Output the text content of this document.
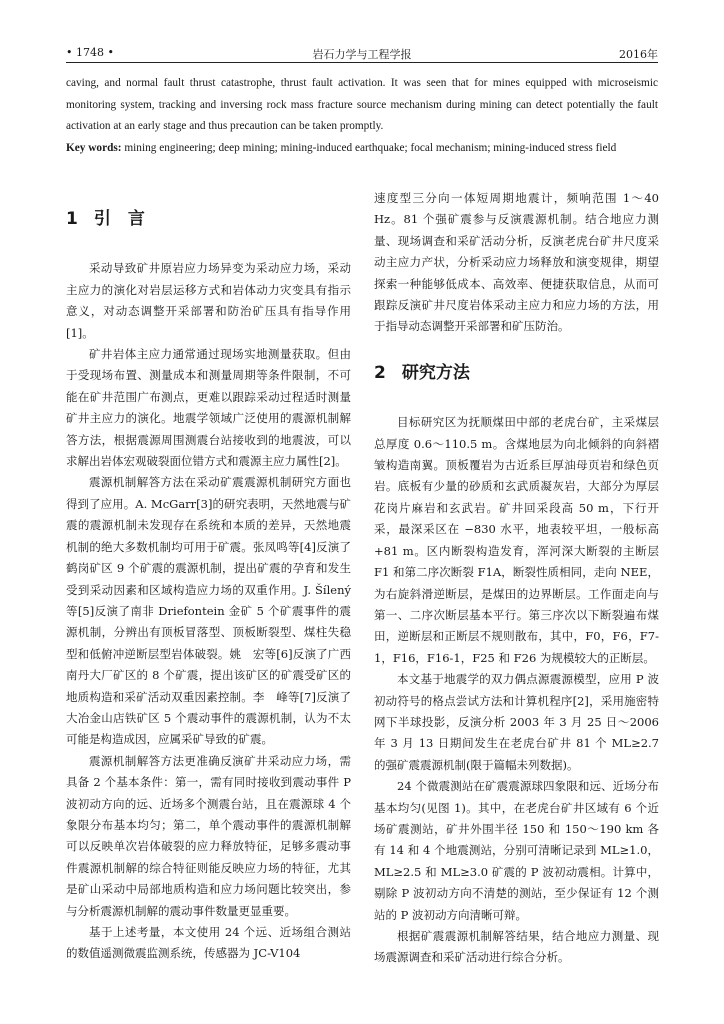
• 1748 •	岩石力学与工程学报	2016年

caving, and normal fault thrust catastrophe, thrust fault activation. It was seen that for mines equipped with microseismic monitoring system, tracking and inversing rock mass fracture source mechanism during mining can detect potentially the fault activation at an early stage and thus precaution can be taken promptly.

Key words: mining engineering; deep mining; mining-induced earthquake; focal mechanism; mining-induced stress field

1 引　言

采动导致矿井原岩应力场异变为采动应力场，采动主应力的演化对岩层运移方式和岩体动力灾变具有指示意义，对动态调整开采部署和防治矿压具有指导作用[1]。

矿井岩体主应力通常通过现场实地测量获取。但由于受现场布置、测量成本和测量周期等条件限制，不可能在矿井范围广布测点，更难以跟踪采动过程适时测量矿井主应力的演化。地震学领域广泛使用的震源机制解答方法，根据震源周围测震台站接收到的地震波，可以求解出岩体宏观破裂面位错方式和震源主应力属性[2]。

震源机制解答方法在采动矿震震源机制研究方面也得到了应用。A. McGarr[3]的研究表明，天然地震与矿震的震源机制未发现存在系统和本质的差异，天然地震机制的绝大多数机制均可用于矿震。张凤鸣等[4]反演了鹤岗矿区 9 个矿震的震源机制，提出矿震的孕育和发生受到采动因素和区域构造应力场的双重作用。J. Šílený 等[5]反演了南非 Driefontein 金矿 5 个矿震事件的震源机制，分辨出有顶板冒落型、顶板断裂型、煤柱失稳型和低俯冲逆断层型岩体破裂。姚　宏等[6]反演了广西南丹大厂矿区的 8 个矿震，提出该矿区的矿震受矿区的地质构造和采矿活动双重因素控制。李　峰等[7]反演了大冶金山店铁矿区 5 个震动事件的震源机制，认为不太可能是构造成因，应属采矿导致的矿震。

震源机制解答方法更准确反演矿井采动应力场，需具备 2 个基本条件：第一，需有同时接收到震动事件 P 波初动方向的远、近场多个测震台站，且在震源球 4 个象限分布基本均匀；第二，单个震动事件的震源机制解可以反映单次岩体破裂的应力释放特征，足够多震动事件震源机制解的综合特征则能反映应力场的特征，尤其是矿山采动中局部地质构造和应力场问题比较突出，参与分析震源机制解的震动事件数量更显重要。

基于上述考量，本文使用 24 个远、近场组合测站的数值遥测微震监测系统，传感器为 JC-V104

速度型三分向一体短周期地震计，频响范围 1～40 Hz。81 个强矿震参与反演震源机制。结合地应力测量、现场调查和采矿活动分析，反演老虎台矿井尺度采动主应力产状，分析采动应力场释放和演变规律，期望探索一种能够低成本、高效率、便捷获取信息，从而可跟踪反演矿井尺度岩体采动主应力和应力场的方法，用于指导动态调整开采部署和矿压防治。

2 研究方法

目标研究区为抚顺煤田中部的老虎台矿，主采煤层总厚度 0.6～110.5 m。含煤地层为向北倾斜的向斜褶皱构造南翼。顶板覆岩为古近系巨厚油母页岩和绿色页岩。底板有少量的砂质和玄武质凝灰岩，大部分为厚层花岗片麻岩和玄武岩。矿井回采段高 50 m，下行开采，最深采区在 −830 水平，地表较平坦，一般标高+81 m。区内断裂构造发育，浑河深大断裂的主断层 F1 和第二序次断裂 F1A，断裂性质相同，走向 NEE，为右旋斜滑逆断层，是煤田的边界断层。工作面走向与第一、二序次断层基本平行。第三序次以下断裂遍布煤田，逆断层和正断层不规则散布，其中，F0，F6，F7-1，F16，F16-1，F25 和 F26 为规模较大的正断层。

本文基于地震学的双力偶点源震源模型，应用 P 波初动符号的格点尝试方法和计算机程序[2]，采用施密特网下半球投影，反演分析 2003 年 3 月 25 日～2006 年 3 月 13 日期间发生在老虎台矿井 81 个 ML≥2.7 的强矿震震源机制(限于篇幅未列数据)。

24 个微震测站在矿震震源球四象限和远、近场分布基本均匀(见图 1)。其中，在老虎台矿井区域有 6 个近场矿震测站，矿井外围半径 150 和 150～190 km 各有 14 和 4 个地震测站，分别可清晰记录到 ML≥1.0，ML≥2.5 和 ML≥3.0 矿震的 P 波初动震相。计算中，剔除 P 波初动方向不清楚的测站，至少保证有 12 个测站的 P 波初动方向清晰可辩。

根据矿震震源机制解答结果，结合地应力测量、现场震源调查和采矿活动进行综合分析。
